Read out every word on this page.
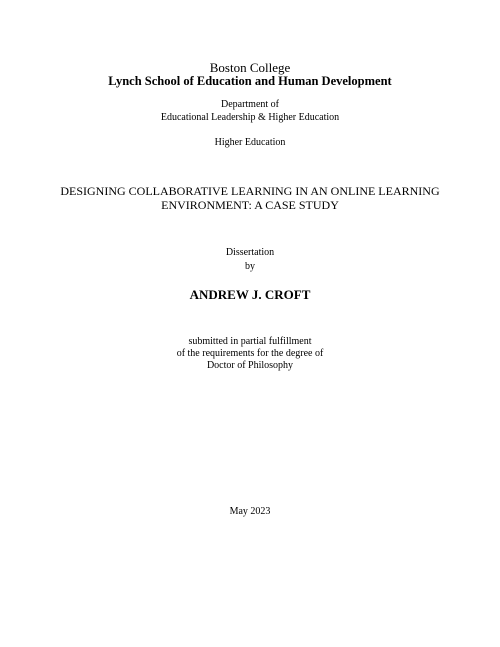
Boston College
Lynch School of Education and Human Development
Department of
Educational Leadership & Higher Education
Higher Education
DESIGNING COLLABORATIVE LEARNING IN AN ONLINE LEARNING
ENVIRONMENT: A CASE STUDY
Dissertation
by
ANDREW J. CROFT
submitted in partial fulfillment
of the requirements for the degree of
Doctor of Philosophy
May 2023
